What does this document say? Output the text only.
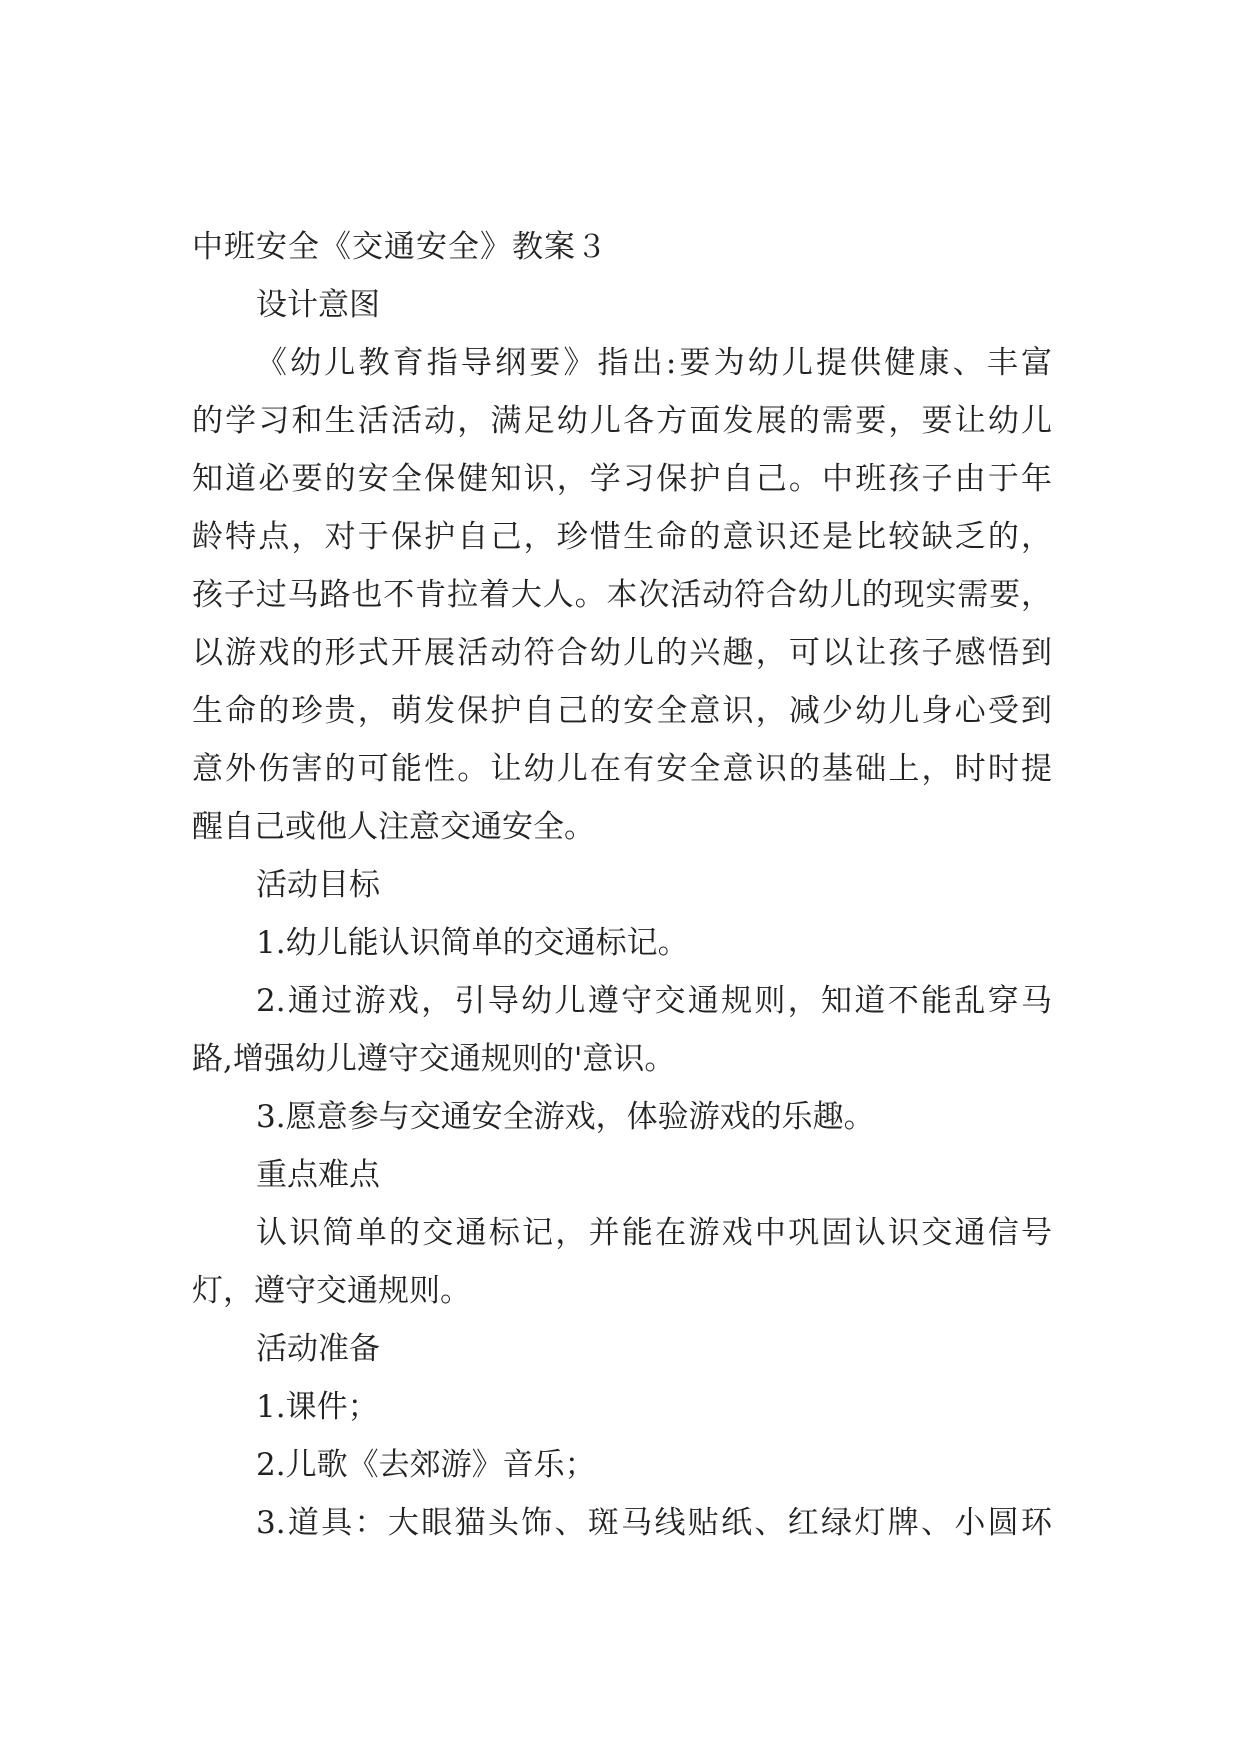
中班安全《交通安全》教案３
设计意图
《幼儿教育指导纲要》指出:要为幼儿提供健康、丰富
的学习和生活活动，满足幼儿各方面发展的需要，要让幼儿
知道必要的安全保健知识，学习保护自己。中班孩子由于年
龄特点，对于保护自己，珍惜生命的意识还是比较缺乏的，
孩子过马路也不肯拉着大人。本次活动符合幼儿的现实需要，
以游戏的形式开展活动符合幼儿的兴趣，可以让孩子感悟到
生命的珍贵，萌发保护自己的安全意识，减少幼儿身心受到
意外伤害的可能性。让幼儿在有安全意识的基础上，时时提
醒自己或他人注意交通安全。
活动目标
1.幼儿能认识简单的交通标记。
2.通过游戏，引导幼儿遵守交通规则，知道不能乱穿马
路,增强幼儿遵守交通规则的'意识。
3.愿意参与交通安全游戏，体验游戏的乐趣。
重点难点
认识简单的交通标记，并能在游戏中巩固认识交通信号
灯，遵守交通规则。
活动准备
1.课件；
2.儿歌《去郊游》音乐；
3.道具：大眼猫头饰、斑马线贴纸、红绿灯牌、小圆环
